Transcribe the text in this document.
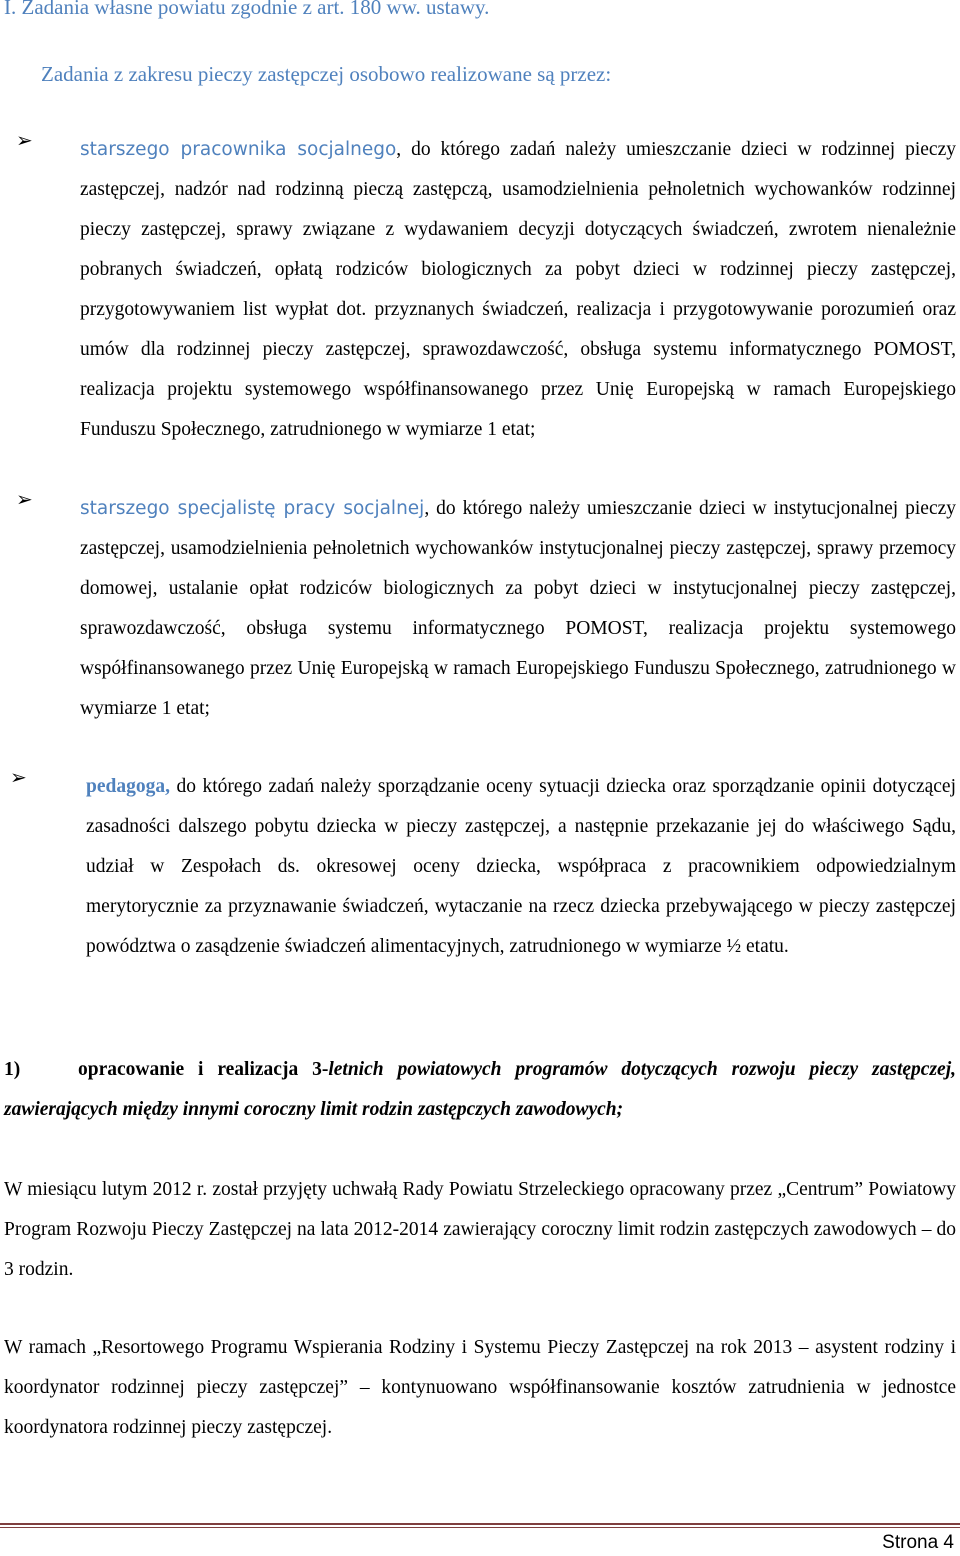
I. Zadania własne powiatu zgodnie z art. 180 ww. ustawy.
Zadania z zakresu pieczy zastępczej osobowo realizowane są przez:
➢	starszego pracownika socjalnego, do którego zadań należy umieszczanie dzieci w rodzinnej pieczy zastępczej, nadzór nad rodzinną pieczą zastępczą, usamodzielnienia pełnoletnich wychowanków rodzinnej pieczy zastępczej, sprawy związane z wydawaniem decyzji dotyczących świadczeń, zwrotem nienależnie pobranych świadczeń, opłatą rodziców biologicznych za pobyt dzieci w rodzinnej pieczy zastępczej, przygotowywaniem list wypłat dot. przyznanych świadczeń, realizacja i przygotowywanie porozumień oraz umów dla rodzinnej pieczy zastępczej, sprawozdawczość, obsługa systemu informatycznego POMOST, realizacja projektu systemowego współfinansowanego przez Unię Europejską w ramach Europejskiego Funduszu Społecznego, zatrudnionego w wymiarze 1 etat;

➢	starszego specjalistę pracy socjalnej, do którego należy umieszczanie dzieci w instytucjonalnej pieczy zastępczej, usamodzielnienia pełnoletnich wychowanków instytucjonalnej pieczy zastępczej, sprawy przemocy domowej, ustalanie opłat rodziców biologicznych za pobyt dzieci w instytucjonalnej pieczy zastępczej, sprawozdawczość, obsługa systemu informatycznego POMOST, realizacja projektu systemowego współfinansowanego przez Unię Europejską w ramach Europejskiego Funduszu Społecznego, zatrudnionego w wymiarze 1 etat;

➢	pedagoga, do którego zadań należy sporządzanie oceny sytuacji dziecka oraz sporządzanie opinii dotyczącej zasadności dalszego pobytu dziecka w pieczy zastępczej, a następnie przekazanie jej do właściwego Sądu, udział w Zespołach ds. okresowej oceny dziecka, współpraca z pracownikiem odpowiedzialnym merytorycznie za przyznawanie świadczeń, wytaczanie na rzecz dziecka przebywającego w pieczy zastępczej powództwa o zasądzenie świadczeń alimentacyjnych, zatrudnionego w wymiarze ½ etatu.

1)	opracowanie i realizacja 3-letnich powiatowych programów dotyczących rozwoju pieczy zastępczej, zawierających między innymi coroczny limit rodzin zastępczych zawodowych;

W miesiącu lutym 2012 r. został przyjęty uchwałą Rady Powiatu Strzeleckiego opracowany przez „Centrum” Powiatowy Program Rozwoju Pieczy Zastępczej na lata 2012-2014 zawierający coroczny limit rodzin zastępczych zawodowych – do 3 rodzin.

W ramach „Resortowego Programu Wspierania Rodziny i Systemu Pieczy Zastępczej na rok 2013 – asystent rodziny i koordynator rodzinnej pieczy zastępczej” – kontynuowano współfinansowanie kosztów zatrudnienia w jednostce koordynatora rodzinnej pieczy zastępczej.

Strona 4
